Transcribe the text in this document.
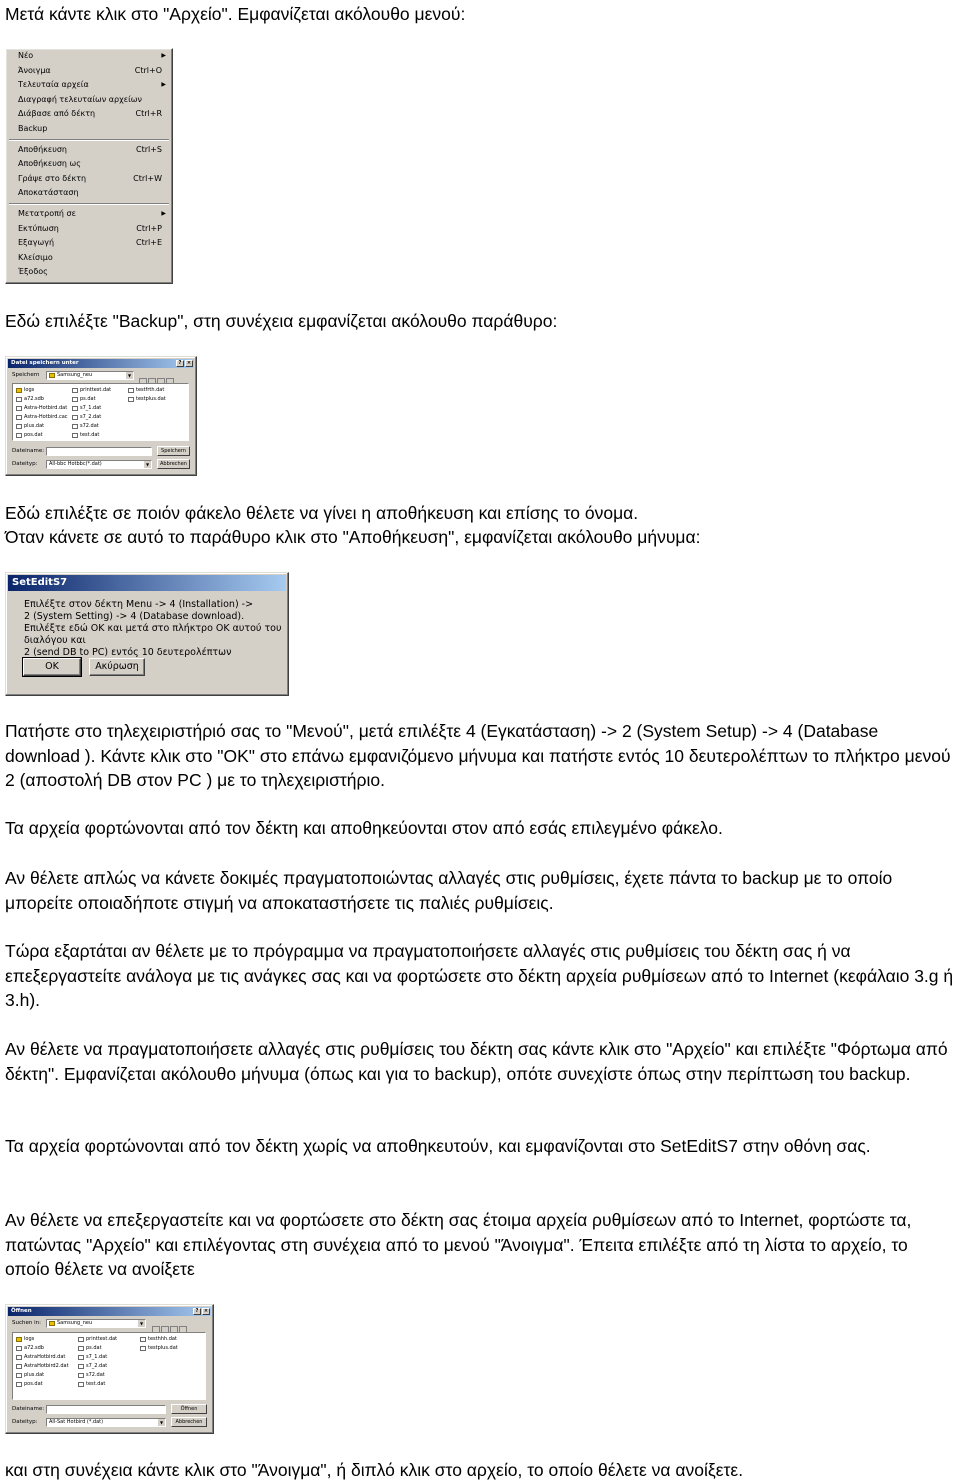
Μετά κάντε κλικ στο "Αρχείο". Εμφανίζεται ακόλουθο μενού:

Νέο	▶
Άνοιγμα	Ctrl+O
Τελευταία αρχεία	▶
Διαγραφή τελευταίων αρχείων
Διάβασε από δέκτη	Ctrl+R
Backup
Αποθήκευση	Ctrl+S
Αποθήκευση ως
Γράψε στο δέκτη	Ctrl+W
Αποκατάσταση
Μετατροπή σε	▶
Εκτύπωση	Ctrl+P
Εξαγωγή	Ctrl+E
Κλείσιμο
Έξοδος

Εδώ επιλέξτε "Backup", στη συνέχεια εμφανίζεται ακόλουθο παράθυρο:

Datei speichern unter	?	×
Speichern	Samsung_neu	▼
logs
a72.sdb
Astra-Hotbird.dat
Astra-Hotbird.cac
plus.dat
pos.dat
printtest.dat
ps.dat
s7_1.dat
s7_2.dat
s72.dat
test.dat
testfrth.dat
testplus.dat
Dateiname:	Speichern
Dateityp:	All-bbc Hotbbc(*.dat)	▼	Abbrechen

Εδώ επιλέξτε σε ποιόν φάκελο θέλετε να γίνει η αποθήκευση και επίσης το όνομα.

Όταν κάνετε σε αυτό το παράθυρο κλικ στο "Αποθήκευση", εμφανίζεται ακόλουθο μήνυμα:

SetEditS7
Επιλέξτε στον δέκτη Menu -> 4 (Installation) ->
2 (System Setting) -> 4 (Database download).
Επιλέξτε εδώ OK και μετά στο πλήκτρο OK αυτού του διαλόγου και
2 (send DB to PC) εντός 10 δευτερολέπτων
OK	Ακύρωση

Πατήστε στο τηλεχειριστήριό σας το "Μενού", μετά επιλέξτε 4 (Εγκατάσταση) -> 2 (System Setup) -> 4 (Database download ). Κάντε κλικ στο "OK" στο επάνω εμφανιζόμενο μήνυμα και πατήστε εντός 10 δευτερολέπτων το πλήκτρο μενού 2 (αποστολή DB στον PC ) με το τηλεχειριστήριο.

Τα αρχεία φορτώνονται από τον δέκτη και αποθηκεύονται στον από εσάς επιλεγμένο φάκελο.

Αν θέλετε απλώς να κάνετε δοκιμές πραγματοποιώντας αλλαγές στις ρυθμίσεις, έχετε πάντα το backup με το οποίο μπορείτε οποιαδήποτε στιγμή να αποκαταστήσετε τις παλιές ρυθμίσεις.

Τώρα εξαρτάται αν θέλετε με το πρόγραμμα να πραγματοποιήσετε αλλαγές στις ρυθμίσεις του δέκτη σας ή να επεξεργαστείτε ανάλογα με τις ανάγκες σας και να φορτώσετε στο δέκτη αρχεία ρυθμίσεων από το Internet (κεφάλαιο 3.g ή 3.h).

Αν θέλετε να πραγματοποιήσετε αλλαγές στις ρυθμίσεις του δέκτη σας κάντε κλικ στο "Αρχείο" και επιλέξτε "Φόρτωμα από δέκτη". Εμφανίζεται ακόλουθο μήνυμα (όπως και για το backup), οπότε συνεχίστε όπως στην περίπτωση του backup.

Τα αρχεία φορτώνονται από τον δέκτη χωρίς να αποθηκευτούν, και εμφανίζονται στο SetEditS7 στην οθόνη σας.

Αν θέλετε να επεξεργαστείτε και να φορτώσετε στο δέκτη σας έτοιμα αρχεία ρυθμίσεων από το Internet, φορτώστε τα, πατώντας "Αρχείο" και επιλέγοντας στη συνέχεια από το μενού "Άνοιγμα". Έπειτα επιλέξτε από τη λίστα το αρχείο, το οποίο θέλετε να ανοίξετε

Öffnen	?	×
Suchen in:	Samsung_neu	▼
logs
a72.sdb
AstraHotbird.dat
AstraHotbird2.dat
plus.dat
pos.dat
printtest.dat
ps.dat
s7_1.dat
s7_2.dat
s72.dat
test.dat
testhhh.dat
testplus.dat
Dateiname:	Öffnen
Dateityp:	All-Sat Hotbird (*.dat)	▼	Abbrechen

και στη συνέχεια κάντε κλικ στο "Άνοιγμα", ή διπλό κλικ στο αρχείο, το οποίο θέλετε να ανοίξετε.
